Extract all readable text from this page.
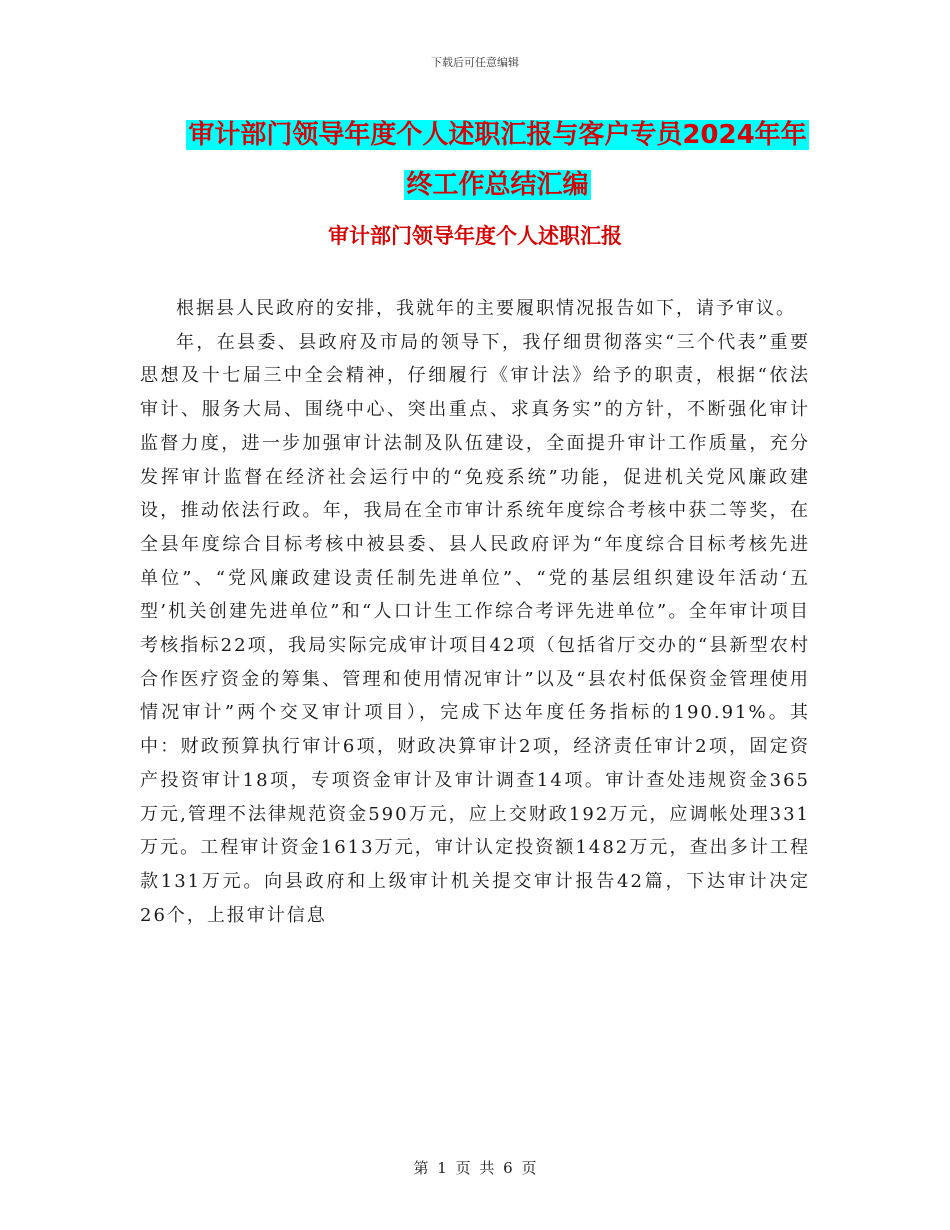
下载后可任意编辑
审计部门领导年度个人述职汇报与客户专员2024年年
终工作总结汇编
审计部门领导年度个人述职汇报

根据县人民政府的安排，我就年的主要履职情况报告如下，请予审议。

年，在县委、县政府及市局的领导下，我仔细贯彻落实“三个代表”重要思想及十七届三中全会精神，仔细履行《审计法》给予的职责，根据“依法审计、服务大局、围绕中心、突出重点、求真务实”的方针，不断强化审计监督力度，进一步加强审计法制及队伍建设，全面提升审计工作质量，充分发挥审计监督在经济社会运行中的“免疫系统”功能，促进机关党风廉政建设，推动依法行政。年，我局在全市审计系统年度综合考核中获二等奖，在全县年度综合目标考核中被县委、县人民政府评为“年度综合目标考核先进单位”、“党风廉政建设责任制先进单位”、“党的基层组织建设年活动‘五型’机关创建先进单位”和“人口计生工作综合考评先进单位”。全年审计项目考核指标22项，我局实际完成审计项目42项（包括省厅交办的“县新型农村合作医疗资金的筹集、管理和使用情况审计”以及“县农村低保资金管理使用情况审计”两个交叉审计项目），完成下达年度任务指标的190.91%。其中：财政预算执行审计6项，财政决算审计2项，经济责任审计2项，固定资产投资审计18项，专项资金审计及审计调查14项。审计查处违规资金365万元,管理不法律规范资金590万元，应上交财政192万元，应调帐处理331万元。工程审计资金1613万元，审计认定投资额1482万元，查出多计工程款131万元。向县政府和上级审计机关提交审计报告42篇，下达审计决定26个，上报审计信息

第 1 页 共 6 页
